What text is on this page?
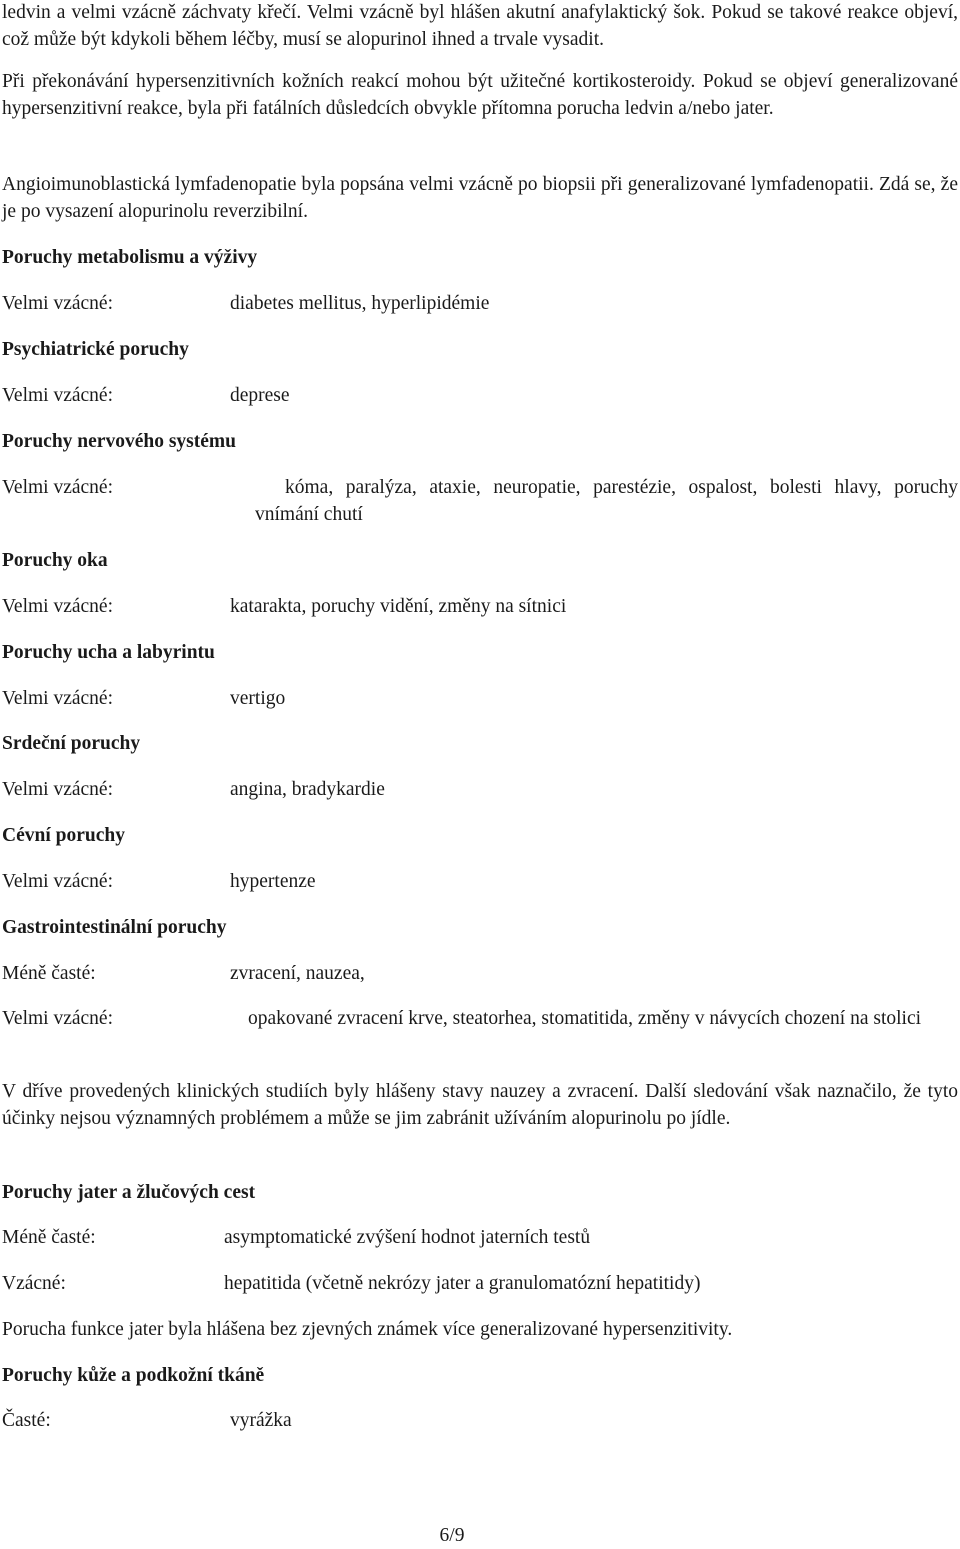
ledvin a velmi vzácně záchvaty křečí. Velmi vzácně byl hlášen akutní anafylaktický šok. Pokud se takové reakce objeví, což může být kdykoli během léčby, musí se alopurinol ihned a trvale vysadit.

Při překonávání hypersenzitivních kožních reakcí mohou být užitečné kortikosteroidy. Pokud se objeví generalizované hypersenzitivní reakce, byla při fatálních důsledcích obvykle přítomna porucha ledvin a/nebo jater.

Angioimunoblastická lymfadenopatie byla popsána velmi vzácně po biopsii při generalizované lymfadenopatii. Zdá se, že je po vysazení alopurinolu reverzibilní.

Poruchy metabolismu a výživy
Velmi vzácné:	diabetes mellitus, hyperlipidémie
Psychiatrické poruchy
Velmi vzácné:	deprese
Poruchy nervového systému
Velmi vzácné:	kóma, paralýza, ataxie, neuropatie, parestézie, ospalost, bolesti hlavy, poruchy vnímání chutí
Poruchy oka
Velmi vzácné:	katarakta, poruchy vidění, změny na sítnici
Poruchy ucha a labyrintu
Velmi vzácné:	vertigo
Srdeční poruchy
Velmi vzácné:	angina, bradykardie
Cévní poruchy
Velmi vzácné:	hypertenze
Gastrointestinální poruchy
Méně časté:	zvracení, nauzea,
Velmi vzácné:	opakované zvracení krve, steatorhea, stomatitida, změny v návycích chození na stolici

V dříve provedených klinických studiích byly hlášeny stavy nauzey a zvracení. Další sledování však naznačilo, že tyto účinky nejsou významných problémem a může se jim zabránit užíváním alopurinolu po jídle.

Poruchy jater a žlučových cest
Méně časté:	asymptomatické zvýšení hodnot jaterních testů
Vzácné:	hepatitida (včetně nekrózy jater a granulomatózní hepatitidy)

Porucha funkce jater byla hlášena bez zjevných známek více generalizované hypersenzitivity.

Poruchy kůže a podkožní tkáně
Časté:	vyrážka
6/9
